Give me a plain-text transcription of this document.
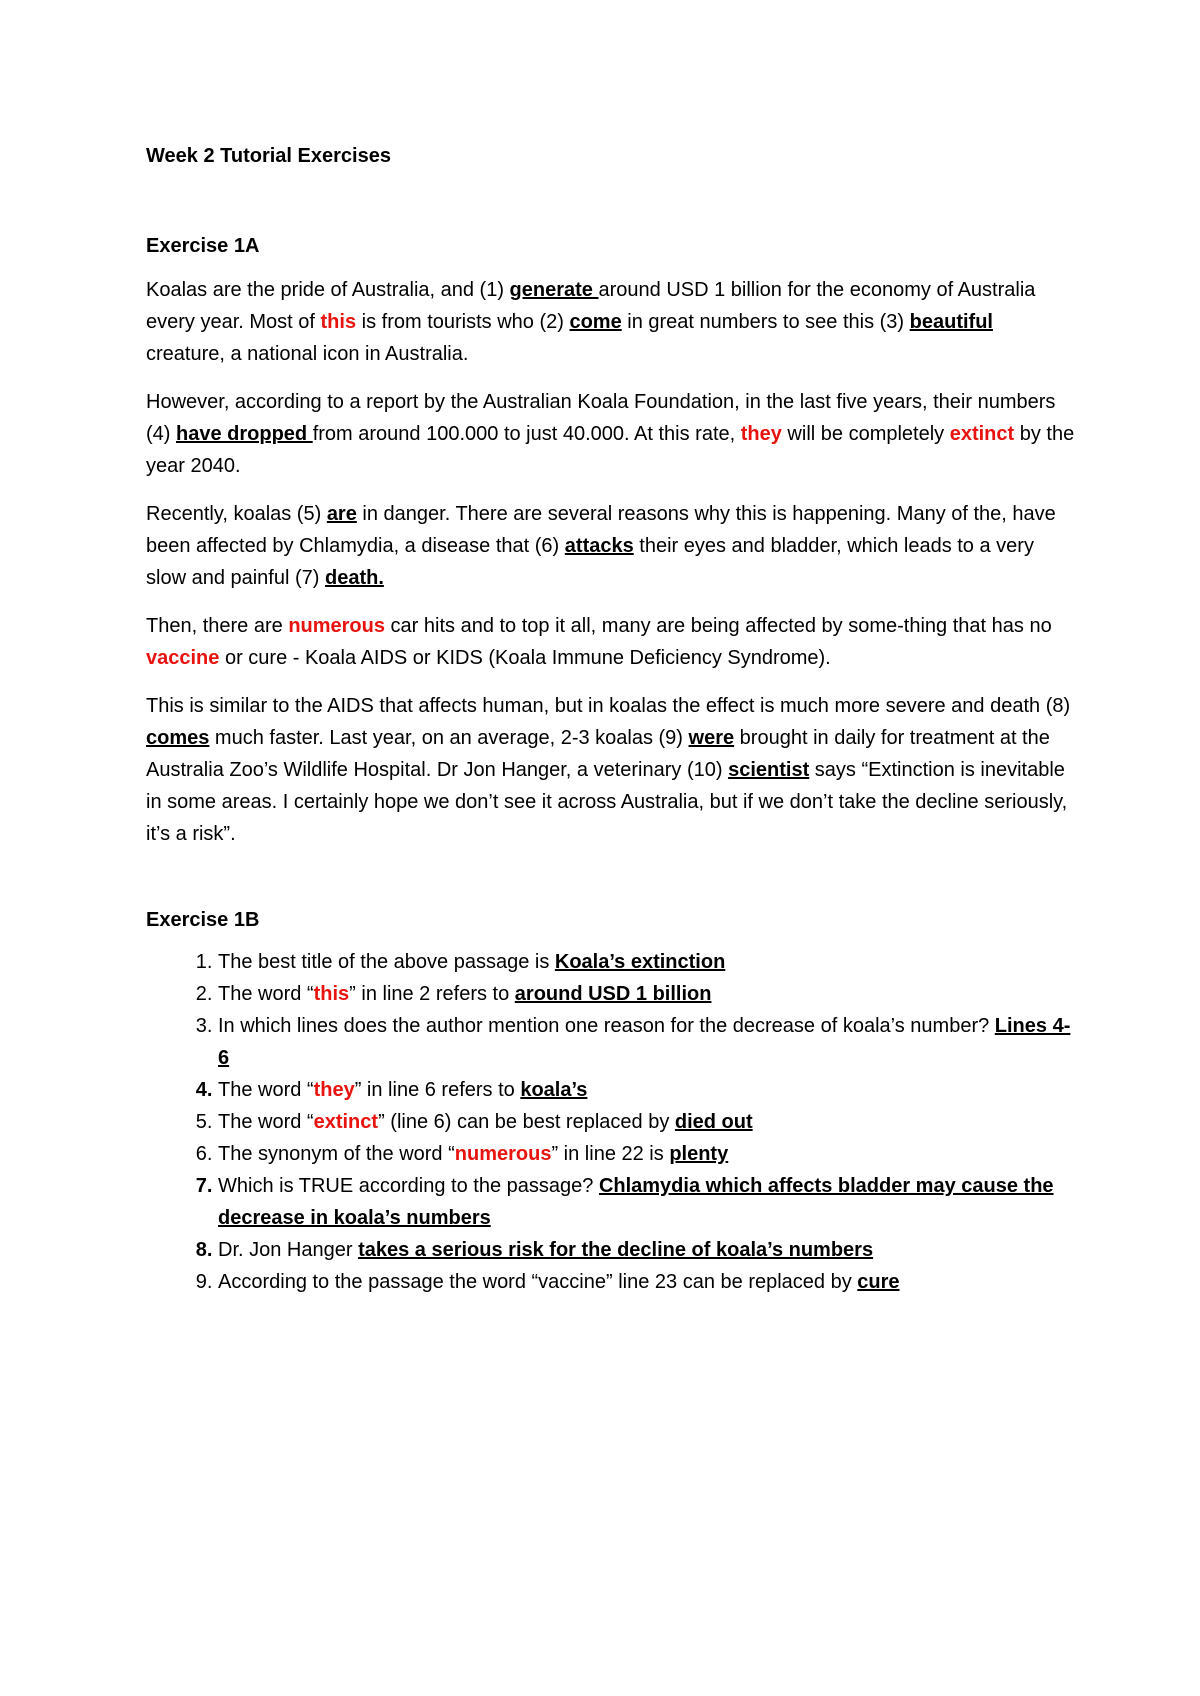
Week 2 Tutorial Exercises

Exercise 1A

Koalas are the pride of Australia, and (1) generate around USD 1 billion for the economy of Australia every year. Most of this is from tourists who (2) come in great numbers to see this (3) beautiful creature, a national icon in Australia.

However, according to a report by the Australian Koala Foundation, in the last five years, their numbers (4) have dropped from around 100.000 to just 40.000. At this rate, they will be completely extinct by the year 2040.

Recently, koalas (5) are in danger. There are several reasons why this is happening. Many of the, have been affected by Chlamydia, a disease that (6) attacks their eyes and bladder, which leads to a very slow and painful (7) death.

Then, there are numerous car hits and to top it all, many are being affected by some-thing that has no vaccine or cure - Koala AIDS or KIDS (Koala Immune Deficiency Syndrome).

This is similar to the AIDS that affects human, but in koalas the effect is much more severe and death (8) comes much faster. Last year, on an average, 2-3 koalas (9) were brought in daily for treatment at the Australia Zoo’s Wildlife Hospital. Dr Jon Hanger, a veterinary (10) scientist says “Extinction is inevitable in some areas. I certainly hope we don’t see it across Australia, but if we don’t take the decline seriously, it’s a risk”.

Exercise 1B

1. The best title of the above passage is Koala’s extinction
2. The word “this” in line 2 refers to around USD 1 billion
3. In which lines does the author mention one reason for the decrease of koala’s number? Lines 4-6
4. The word “they” in line 6 refers to koala’s
5. The word “extinct” (line 6) can be best replaced by died out
6. The synonym of the word “numerous” in line 22 is plenty
7. Which is TRUE according to the passage? Chlamydia which affects bladder may cause the decrease in koala’s numbers
8. Dr. Jon Hanger takes a serious risk for the decline of koala’s numbers
9. According to the passage the word “vaccine” line 23 can be replaced by cure
